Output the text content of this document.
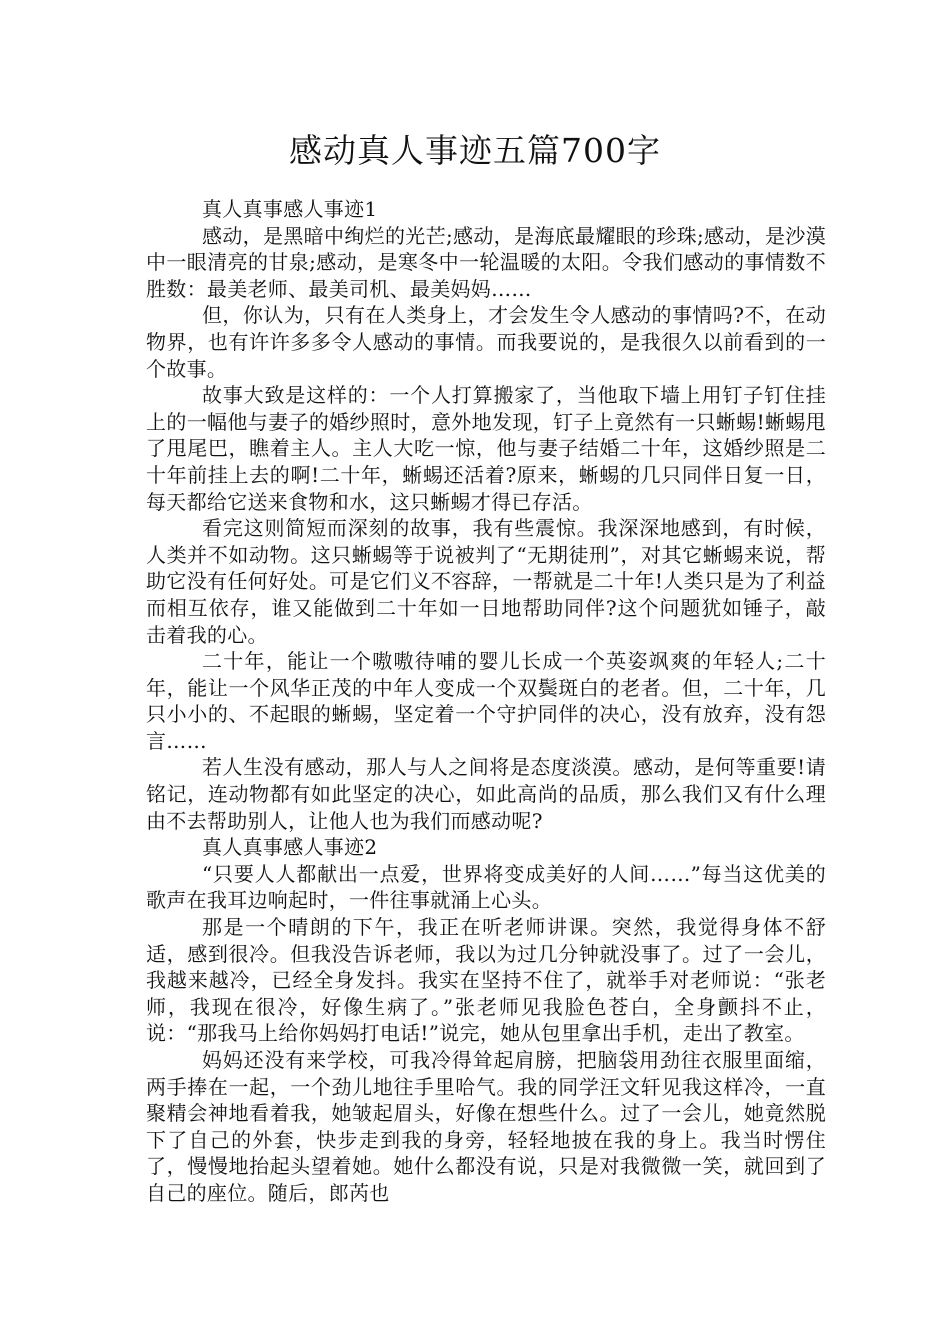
感动真人事迹五篇700字

真人真事感人事迹1

感动，是黑暗中绚烂的光芒;感动，是海底最耀眼的珍珠;感动，是沙漠中一眼清亮的甘泉;感动，是寒冬中一轮温暖的太阳。令我们感动的事情数不胜数：最美老师、最美司机、最美妈妈……

但，你认为，只有在人类身上，才会发生令人感动的事情吗?不，在动物界，也有许许多多令人感动的事情。而我要说的，是我很久以前看到的一个故事。

故事大致是这样的：一个人打算搬家了，当他取下墙上用钉子钉住挂上的一幅他与妻子的婚纱照时，意外地发现，钉子上竟然有一只蜥蜴!蜥蜴甩了甩尾巴，瞧着主人。主人大吃一惊，他与妻子结婚二十年，这婚纱照是二十年前挂上去的啊!二十年，蜥蜴还活着?原来，蜥蜴的几只同伴日复一日，每天都给它送来食物和水，这只蜥蜴才得已存活。

看完这则简短而深刻的故事，我有些震惊。我深深地感到，有时候，人类并不如动物。这只蜥蜴等于说被判了“无期徒刑”，对其它蜥蜴来说，帮助它没有任何好处。可是它们义不容辞，一帮就是二十年!人类只是为了利益而相互依存，谁又能做到二十年如一日地帮助同伴?这个问题犹如锤子，敲击着我的心。

二十年，能让一个嗷嗷待哺的婴儿长成一个英姿飒爽的年轻人;二十年，能让一个风华正茂的中年人变成一个双鬓斑白的老者。但，二十年，几只小小的、不起眼的蜥蜴，坚定着一个守护同伴的决心，没有放弃，没有怨言……

若人生没有感动，那人与人之间将是态度淡漠。感动，是何等重要!请铭记，连动物都有如此坚定的决心，如此高尚的品质，那么我们又有什么理由不去帮助别人，让他人也为我们而感动呢?

真人真事感人事迹2

“只要人人都献出一点爱，世界将变成美好的人间……”每当这优美的歌声在我耳边响起时，一件往事就涌上心头。

那是一个晴朗的下午，我正在听老师讲课。突然，我觉得身体不舒适，感到很冷。但我没告诉老师，我以为过几分钟就没事了。过了一会儿，我越来越冷，已经全身发抖。我实在坚持不住了，就举手对老师说：“张老师，我现在很冷，好像生病了。”张老师见我脸色苍白，全身颤抖不止，说：“那我马上给你妈妈打电话!”说完，她从包里拿出手机，走出了教室。

妈妈还没有来学校，可我冷得耸起肩膀，把脑袋用劲往衣服里面缩，两手捧在一起，一个劲儿地往手里哈气。我的同学汪文轩见我这样冷，一直聚精会神地看着我，她皱起眉头，好像在想些什么。过了一会儿，她竟然脱下了自己的外套，快步走到我的身旁，轻轻地披在我的身上。我当时愣住了，慢慢地抬起头望着她。她什么都没有说，只是对我微微一笑，就回到了自己的座位。随后，郎芮也
